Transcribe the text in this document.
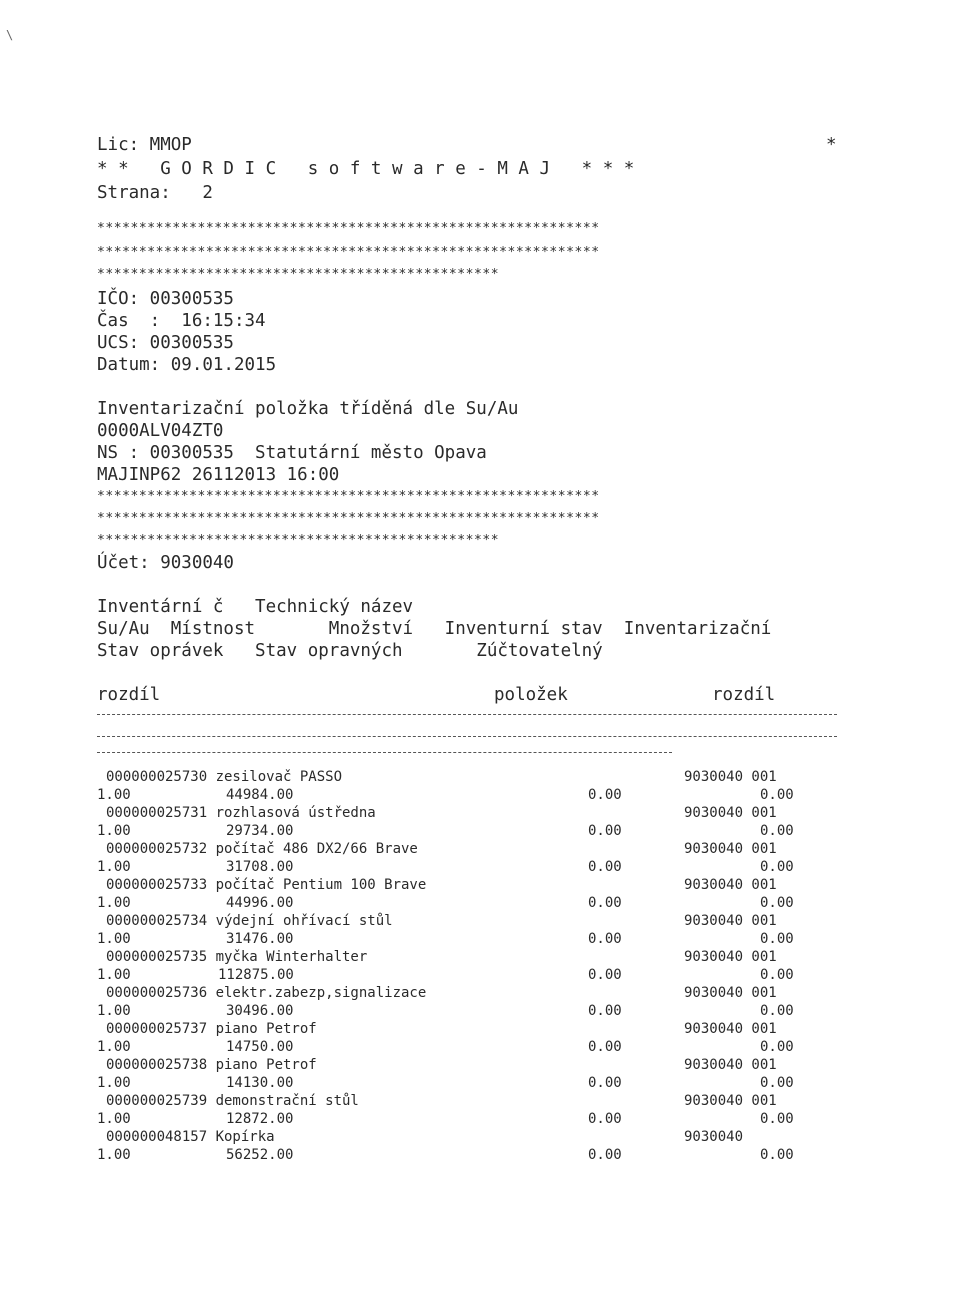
\
Lic: MMOP	*
* *   G O R D I C   s o f t w a r e - M A J   * * *
Strana:   2
************************************************************
************************************************************
************************************************
IČO: 00300535
Čas  :  16:15:34
UCS: 00300535
Datum: 09.01.2015
Inventarizační položka tříděná dle Su/Au
0000ALV04ZT0
NS : 00300535  Statutární město Opava
MAJINP62 26112013 16:00
************************************************************
************************************************************
************************************************
Účet: 9030040
Inventární č   Technický název
Su/Au  Místnost       Množství   Inventurní stav  Inventarizační
Stav oprávek   Stav opravných       Zúčtovatelný
rozdíl	položek	rozdíl
000000025730 zesilovač PASSO	9030040 001
1.00	44984.00	0.00	0.00
000000025731 rozhlasová ústředna	9030040 001
1.00	29734.00	0.00	0.00
000000025732 počítač 486 DX2/66 Brave	9030040 001
1.00	31708.00	0.00	0.00
000000025733 počítač Pentium 100 Brave	9030040 001
1.00	44996.00	0.00	0.00
000000025734 výdejní ohřívací stůl	9030040 001
1.00	31476.00	0.00	0.00
000000025735 myčka Winterhalter	9030040 001
1.00	112875.00	0.00	0.00
000000025736 elektr.zabezp,signalizace	9030040 001
1.00	30496.00	0.00	0.00
000000025737 piano Petrof	9030040 001
1.00	14750.00	0.00	0.00
000000025738 piano Petrof	9030040 001
1.00	14130.00	0.00	0.00
000000025739 demonstrační stůl	9030040 001
1.00	12872.00	0.00	0.00
000000048157 Kopírka	9030040
1.00	56252.00	0.00	0.00
